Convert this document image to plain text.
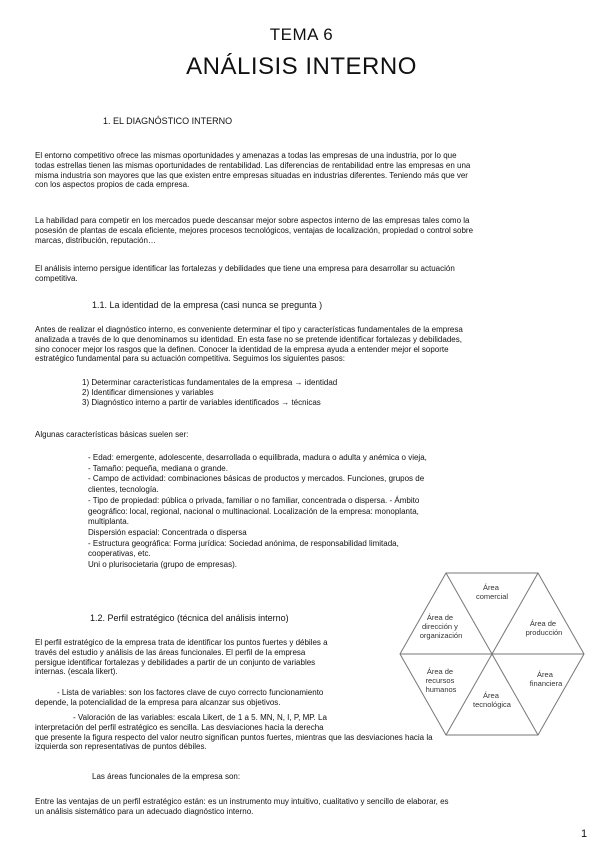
TEMA 6
ANÁLISIS INTERNO
1. EL DIAGNÓSTICO INTERNO
El entorno competitivo ofrece las mismas oportunidades y amenazas a todas las empresas de una industria, por lo que
todas estrellas tienen las mismas oportunidades de rentabilidad. Las diferencias de rentabilidad entre las empresas en una
misma industria son mayores que las que existen entre empresas situadas en industrias diferentes. Teniendo más que ver
con los aspectos propios de cada empresa.
La habilidad para competir en los mercados puede descansar mejor sobre aspectos interno de las empresas tales como la
posesión de plantas de escala eficiente, mejores procesos tecnológicos, ventajas de localización, propiedad o control sobre
marcas, distribución, reputación…
El análisis interno persigue identificar las fortalezas y debilidades que tiene una empresa para desarrollar su actuación
competitiva.
1.1. La identidad de la empresa (casi nunca se pregunta )
Antes de realizar el diagnóstico interno, es conveniente determinar el tipo y características fundamentales de la empresa
analizada a través de lo que denominamos su identidad. En esta fase no se pretende identificar fortalezas y debilidades,
sino conocer mejor los rasgos que la definen. Conocer la identidad de la empresa ayuda a entender mejor el soporte
estratégico fundamental para su actuación competitiva. Seguimos los siguientes pasos:
1) Determinar características fundamentales de la empresa → identidad
2) Identificar dimensiones y variables
3) Diagnóstico interno a partir de variables identificados → técnicas
Algunas características básicas suelen ser:
- Edad: emergente, adolescente, desarrollada o equilibrada, madura o adulta y anémica o vieja,
- Tamaño: pequeña, mediana o grande.
- Campo de actividad: combinaciones básicas de productos y mercados. Funciones, grupos de
clientes, tecnología.
- Tipo de propiedad: pública o privada, familiar o no familiar, concentrada o dispersa. - Ámbito
geográfico: local, regional, nacional o multinacional. Localización de la empresa: monoplanta,
multiplanta.
Dispersión espacial: Concentrada o dispersa
- Estructura geográfica: Forma jurídica: Sociedad anónima, de responsabilidad limitada,
cooperativas, etc.
Uni o plurisocietaria (grupo de empresas).
1.2. Perfil estratégico (técnica del análisis interno)
El perfil estratégico de la empresa trata de identificar los puntos fuertes y débiles a
través del estudio y análisis de las áreas funcionales. El perfil de la empresa
persigue identificar fortalezas y debilidades a partir de un conjunto de variables
internas. (escala likert).
- Lista de variables: son los factores clave de cuyo correcto funcionamiento
depende, la potencialidad de la empresa para alcanzar sus objetivos.
- Valoración de las variables: escala Likert, de 1 a 5. MN, N, I, P, MP. La
interpretación del perfil estratégico es sencilla. Las desviaciones hacia la derecha
que presente la figura respecto del valor neutro significan puntos fuertes, mientras que las desviaciones hacia la
izquierda son representativas de puntos débiles.
Las áreas funcionales de la empresa son:
Entre las ventajas de un perfil estratégico están: es un instrumento muy intuitivo, cualitativo y sencillo de elaborar, es
un análisis sistemático para un adecuado diagnóstico interno.
1
Área comercial
Área de producción
Área financiera
Área tecnológica
Área de recursos humanos
Área de dirección y organización
